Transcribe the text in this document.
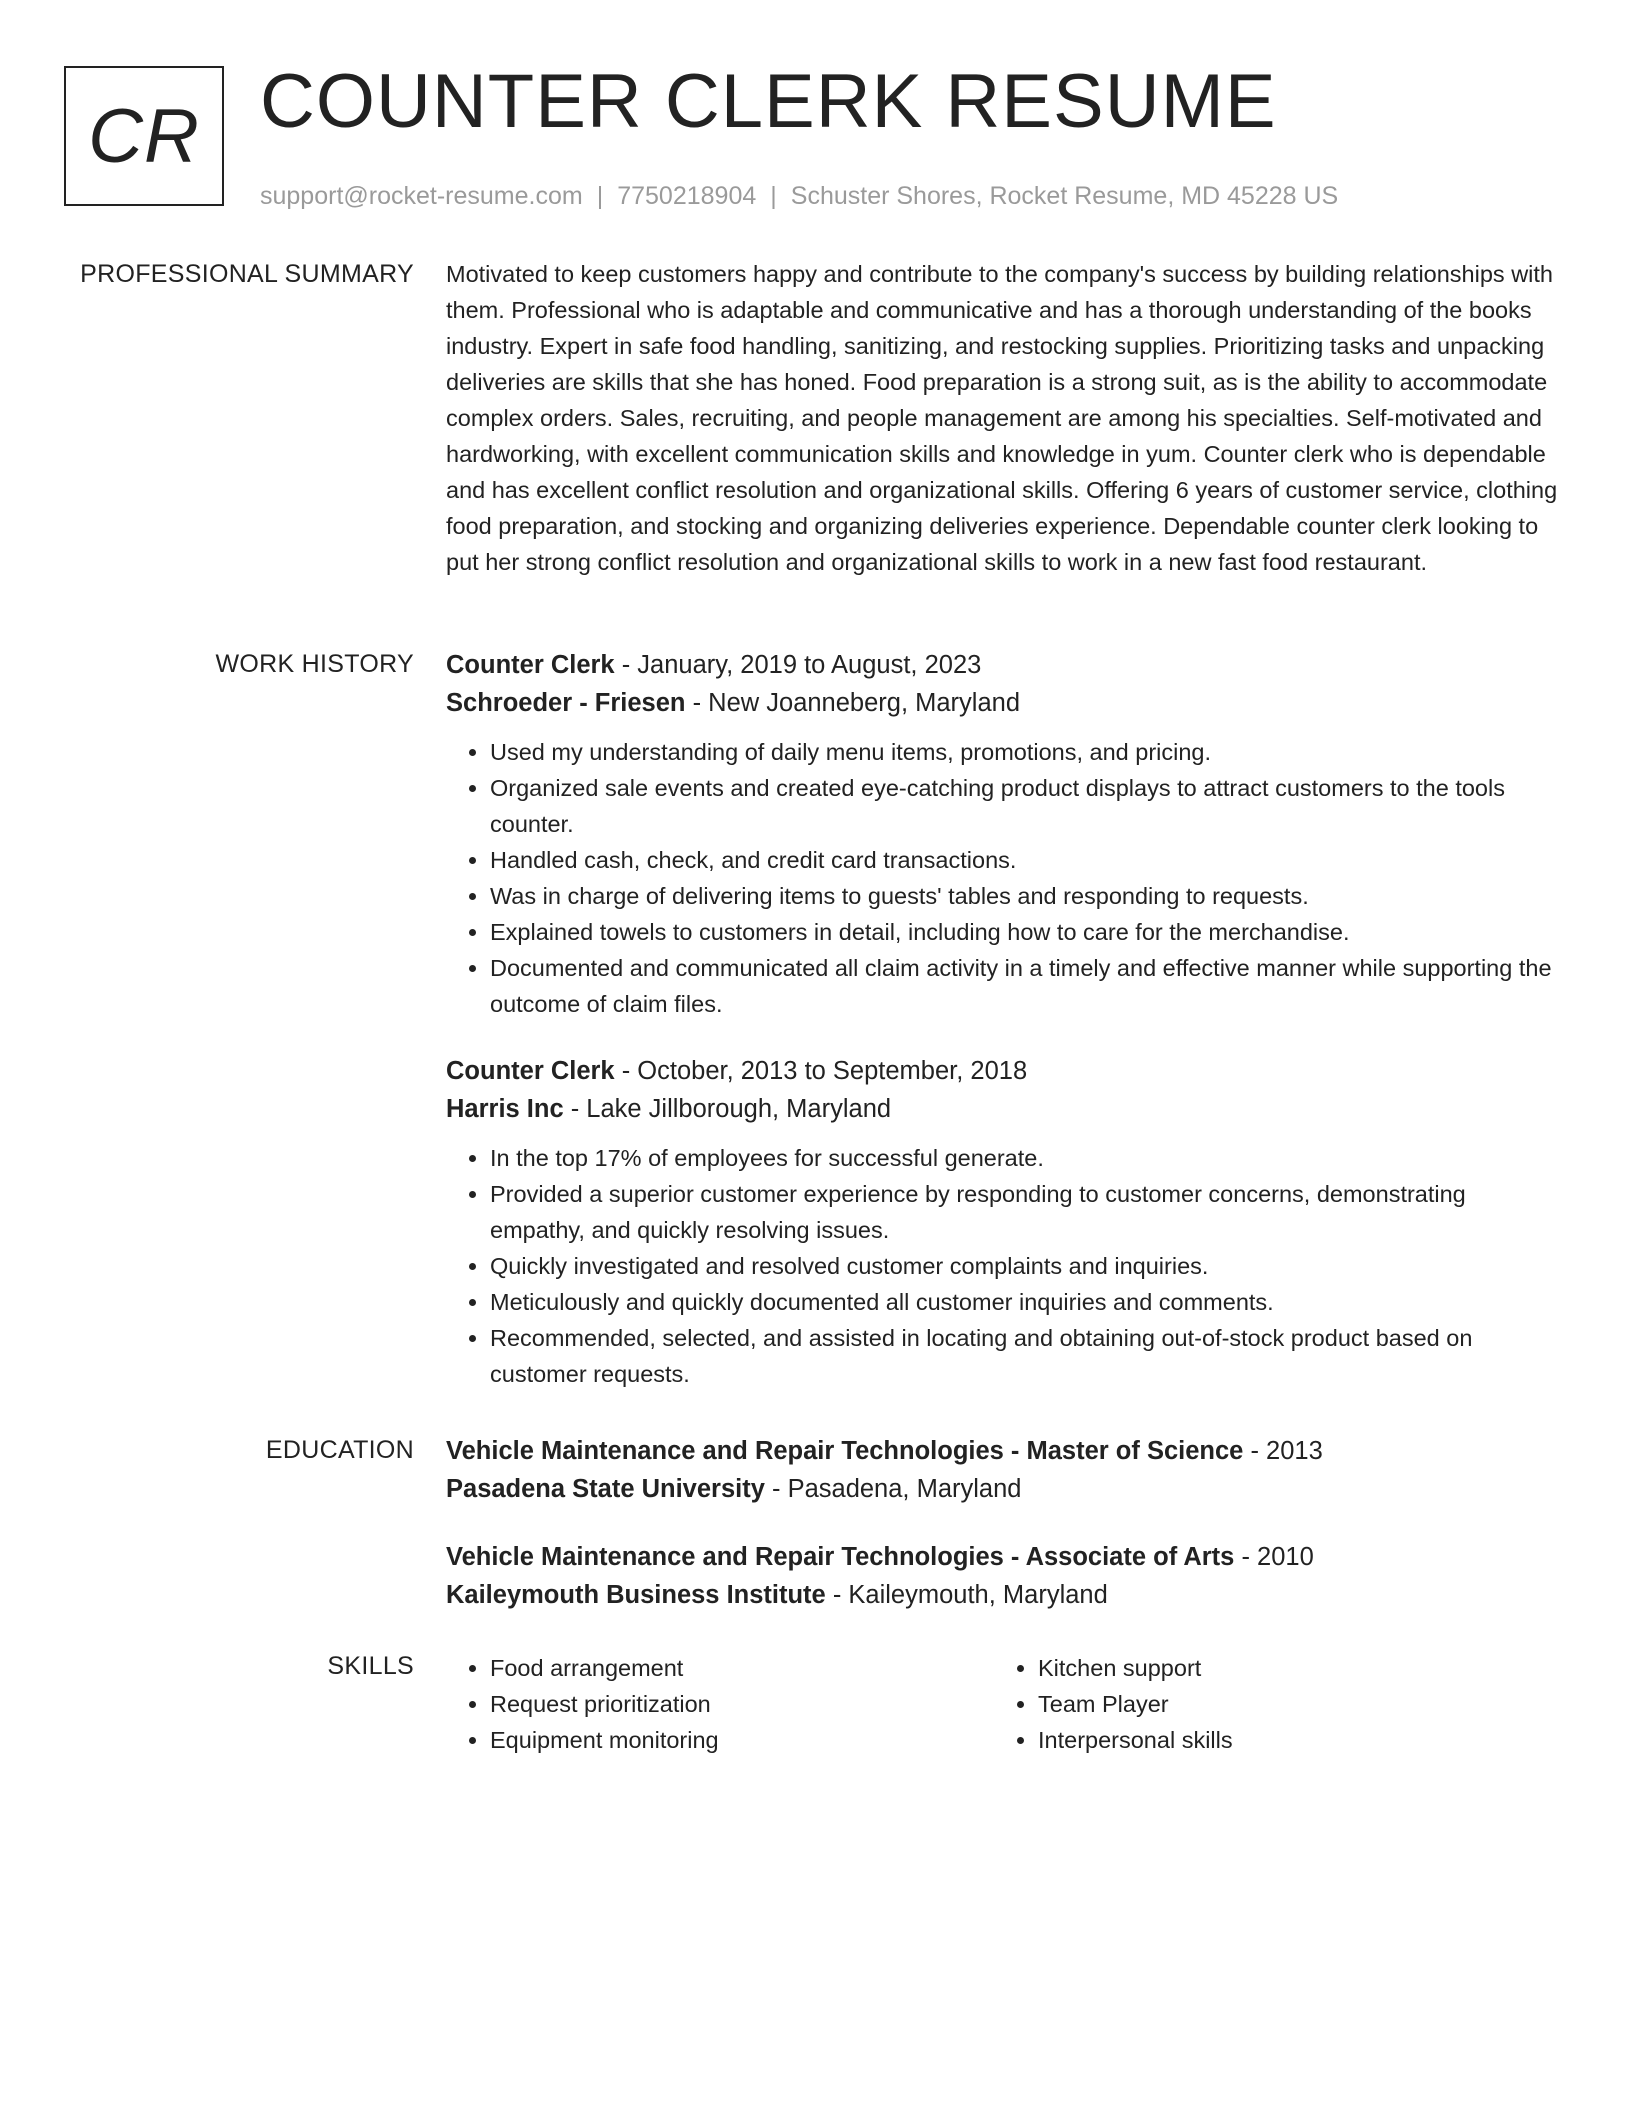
CR COUNTER CLERK RESUME
support@rocket-resume.com | 7750218904 | Schuster Shores, Rocket Resume, MD 45228 US
PROFESSIONAL SUMMARY Motivated to keep customers happy and contribute to the company's success by building relationships with them. Professional who is adaptable and communicative and has a thorough understanding of the books industry. Expert in safe food handling, sanitizing, and restocking supplies. Prioritizing tasks and unpacking deliveries are skills that she has honed. Food preparation is a strong suit, as is the ability to accommodate complex orders. Sales, recruiting, and people management are among his specialties. Self-motivated and hardworking, with excellent communication skills and knowledge in yum. Counter clerk who is dependable and has excellent conflict resolution and organizational skills. Offering 6 years of customer service, clothing food preparation, and stocking and organizing deliveries experience. Dependable counter clerk looking to put her strong conflict resolution and organizational skills to work in a new fast food restaurant.

WORK HISTORY Counter Clerk - January, 2019 to August, 2023
Schroeder - Friesen - New Joanneberg, Maryland
• Used my understanding of daily menu items, promotions, and pricing.
• Organized sale events and created eye-catching product displays to attract customers to the tools counter.
• Handled cash, check, and credit card transactions.
• Was in charge of delivering items to guests' tables and responding to requests.
• Explained towels to customers in detail, including how to care for the merchandise.
• Documented and communicated all claim activity in a timely and effective manner while supporting the outcome of claim files.
Counter Clerk - October, 2013 to September, 2018
Harris Inc - Lake Jillborough, Maryland
• In the top 17% of employees for successful generate.
• Provided a superior customer experience by responding to customer concerns, demonstrating empathy, and quickly resolving issues.
• Quickly investigated and resolved customer complaints and inquiries.
• Meticulously and quickly documented all customer inquiries and comments.
• Recommended, selected, and assisted in locating and obtaining out-of-stock product based on customer requests.
EDUCATION Vehicle Maintenance and Repair Technologies - Master of Science - 2013
Pasadena State University - Pasadena, Maryland
Vehicle Maintenance and Repair Technologies - Associate of Arts - 2010
Kaileymouth Business Institute - Kaileymouth, Maryland
SKILLS
•	Food arrangement
• Request prioritization
• Equipment monitoring
• Kitchen support
• Team Player
• Interpersonal skills
